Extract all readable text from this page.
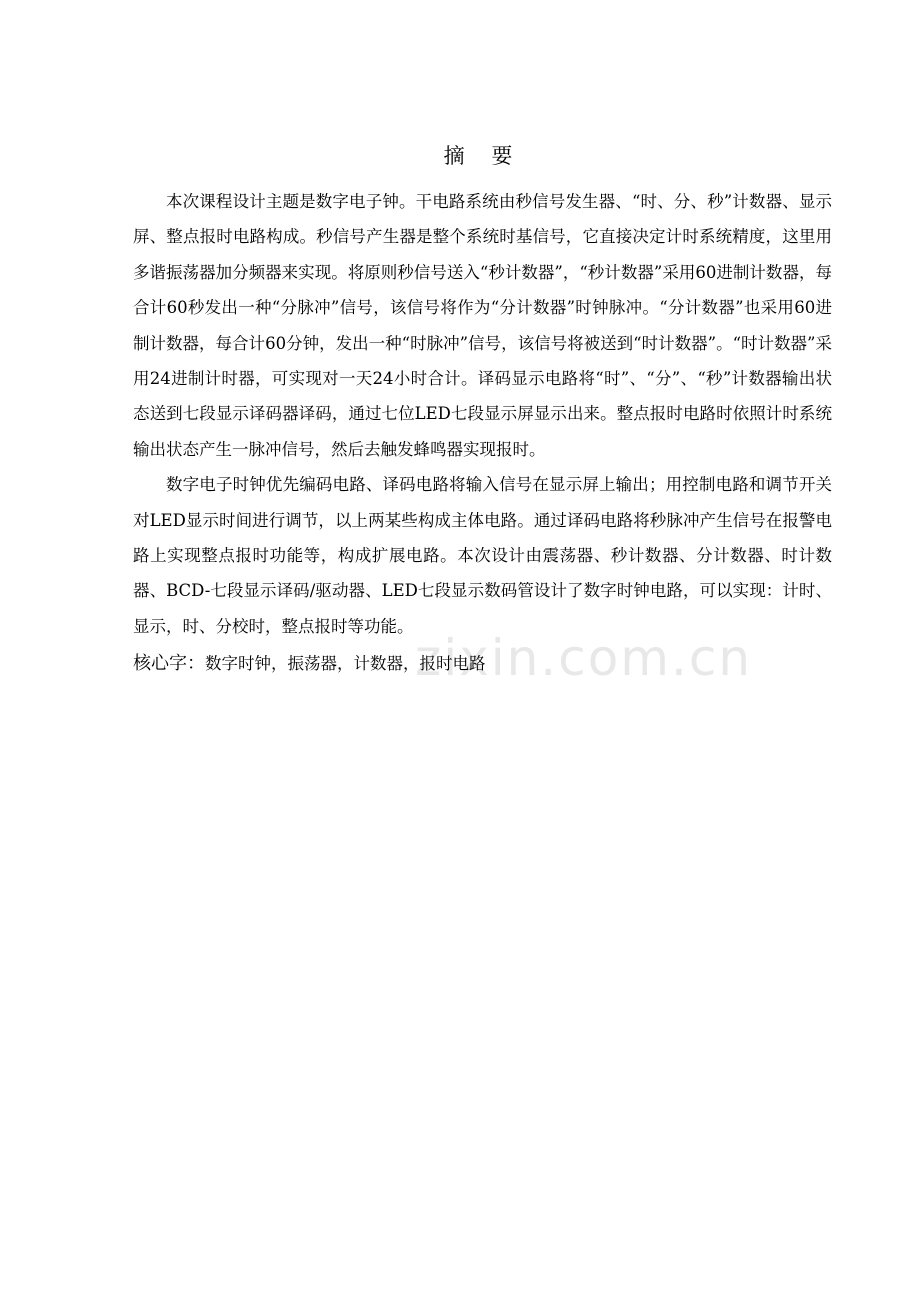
zixin.com.cn
摘 要

本次课程设计主题是数字电子钟。干电路系统由秒信号发生器、“时、分、秒”计数器、显示屏、整点报时电路构成。秒信号产生器是整个系统时基信号，它直接决定计时系统精度，这里用多谐振荡器加分频器来实现。将原则秒信号送入“秒计数器”，“秒计数器”采用60进制计数器，每合计60秒发出一种“分脉冲”信号，该信号将作为“分计数器”时钟脉冲。“分计数器”也采用60进制计数器，每合计60分钟，发出一种“时脉冲”信号，该信号将被送到“时计数器”。“时计数器”采用24进制计时器，可实现对一天24小时合计。译码显示电路将“时”、“分”、“秒”计数器输出状态送到七段显示译码器译码，通过七位LED七段显示屏显示出来。整点报时电路时依照计时系统输出状态产生一脉冲信号，然后去触发蜂鸣器实现报时。

数字电子时钟优先编码电路、译码电路将输入信号在显示屏上输出；用控制电路和调节开关对LED显示时间进行调节，以上两某些构成主体电路。通过译码电路将秒脉冲产生信号在报警电路上实现整点报时功能等，构成扩展电路。本次设计由震荡器、秒计数器、分计数器、时计数器、BCD-七段显示译码/驱动器、LED七段显示数码管设计了数字时钟电路，可以实现：计时、显示，时、分校时，整点报时等功能。

核心字：数字时钟，振荡器，计数器，报时电路
